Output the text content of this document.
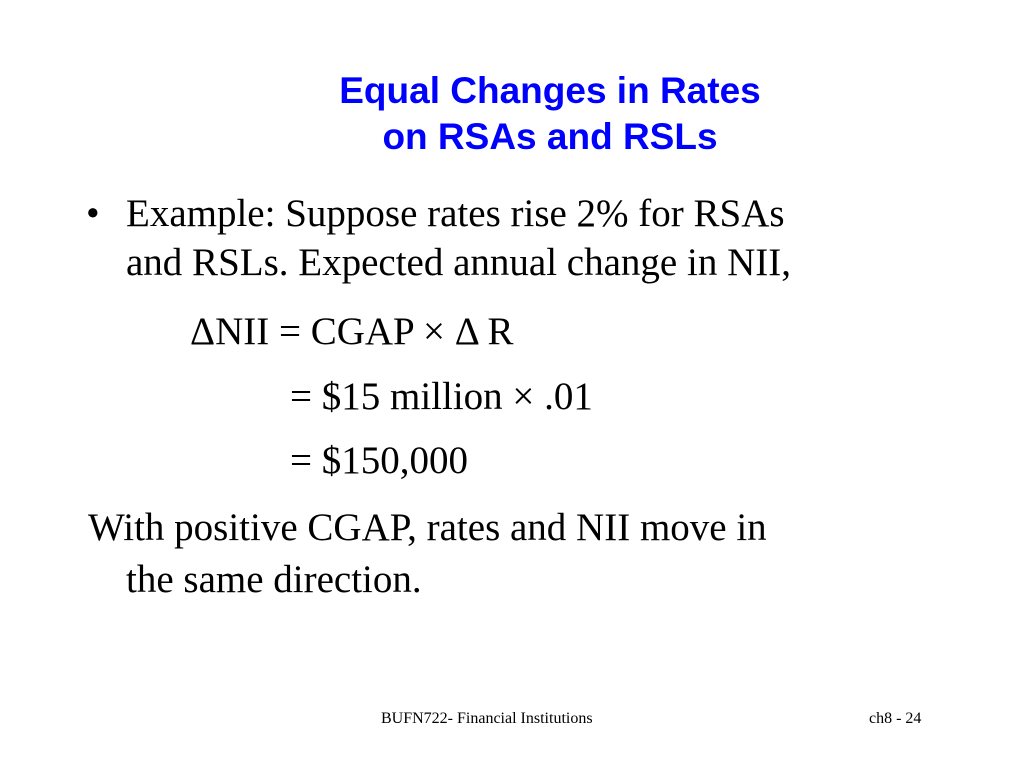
Equal Changes in Rates
on RSAs and RSLs
• Example: Suppose rates rise 2% for RSAs
and RSLs. Expected annual change in NII,
ΔNII = CGAP × Δ R
= $15 million × .01
= $150,000
With positive CGAP, rates and NII move in
the same direction.
BUFN722- Financial Institutions	ch8 - 24
